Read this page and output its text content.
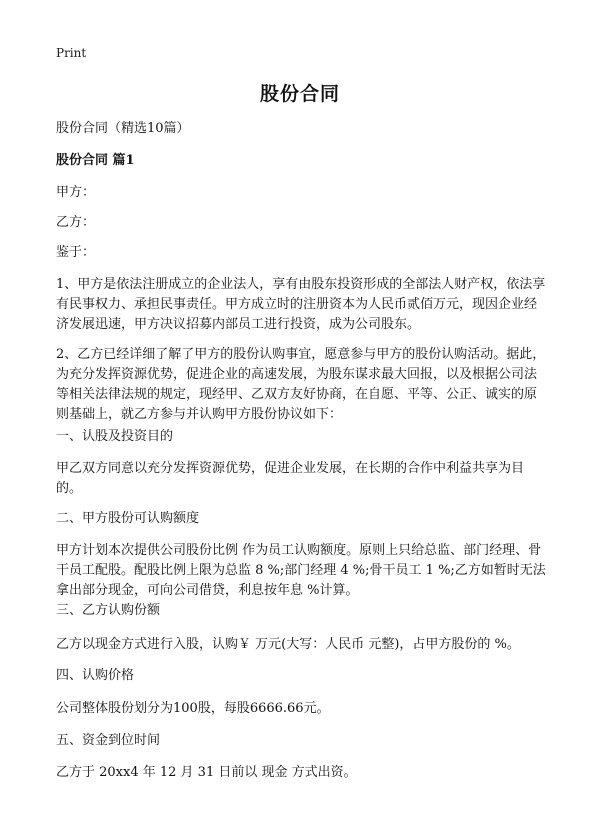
Print
股份合同

股份合同（精选10篇）

股份合同 篇1

甲方：

乙方：

鉴于：

1、甲方是依法注册成立的企业法人，享有由股东投资形成的全部法人财产权，依法享有民事权力、承担民事责任。甲方成立时的注册资本为人民币贰佰万元，现因企业经济发展迅速，甲方决议招募内部员工进行投资，成为公司股东。

2、乙方已经详细了解了甲方的股份认购事宜，愿意参与甲方的股份认购活动。据此，为充分发挥资源优势，促进企业的高速发展，为股东谋求最大回报，以及根据公司法等相关法律法规的规定，现经甲、乙双方友好协商，在自愿、平等、公正、诚实的原则基础上，就乙方参与并认购甲方股份协议如下：

一、认股及投资目的

甲乙双方同意以充分发挥资源优势，促进企业发展，在长期的合作中利益共享为目的。

二、甲方股份可认购额度

甲方计划本次提供公司股份比例 作为员工认购额度。原则上只给总监、部门经理、骨干员工配股。配股比例上限为总监 8 %;部门经理 4 %;骨干员工 1 %;乙方如暂时无法拿出部分现金，可向公司借贷，利息按年息 %计算。

三、乙方认购份额

乙方以现金方式进行入股，认购￥ 万元(大写：人民币 元整)，占甲方股份的 %。

四、认购价格

公司整体股份划分为100股，每股6666.66元。

五、资金到位时间

乙方于 20xx4 年 12 月 31 日前以 现金 方式出资。
